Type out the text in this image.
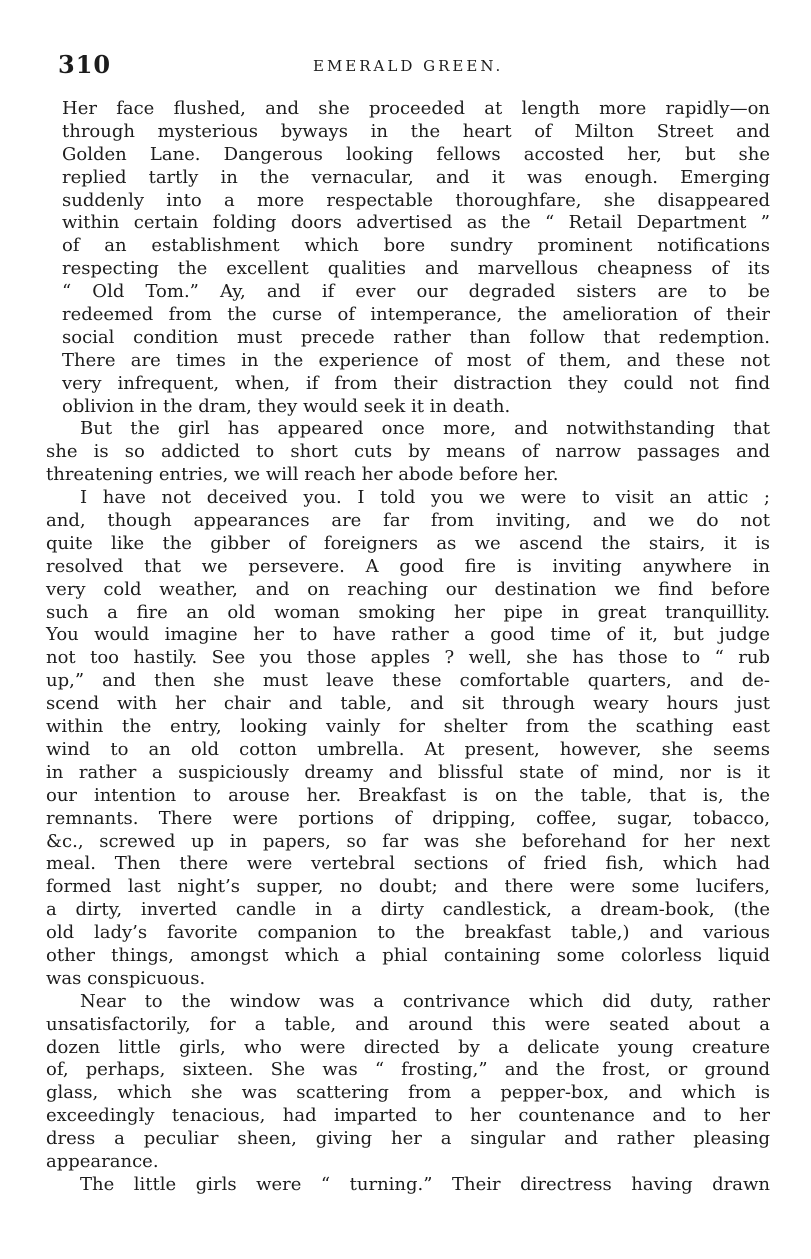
310	EMERALD GREEN.
Her face flushed, and she proceeded at length more rapidly—on
through mysterious byways in the heart of Milton Street and
Golden Lane. Dangerous looking fellows accosted her, but she
replied tartly in the vernacular, and it was enough. Emerging
suddenly into a more respectable thoroughfare, she disappeared
within certain folding doors advertised as the “ Retail Department ”
of an establishment which bore sundry prominent notifications
respecting the excellent qualities and marvellous cheapness of its
“ Old Tom.” Ay, and if ever our degraded sisters are to be
redeemed from the curse of intemperance, the amelioration of their
social condition must precede rather than follow that redemption.
There are times in the experience of most of them, and these not
very infrequent, when, if from their distraction they could not find
oblivion in the dram, they would seek it in death.
But the girl has appeared once more, and notwithstanding that
she is so addicted to short cuts by means of narrow passages and
threatening entries, we will reach her abode before her.
I have not deceived you. I told you we were to visit an attic ;
and, though appearances are far from inviting, and we do not
quite like the gibber of foreigners as we ascend the stairs, it is
resolved that we persevere. A good fire is inviting anywhere in
very cold weather, and on reaching our destination we find before
such a fire an old woman smoking her pipe in great tranquillity.
You would imagine her to have rather a good time of it, but judge
not too hastily. See you those apples ? well, she has those to “ rub
up,” and then she must leave these comfortable quarters, and de-
scend with her chair and table, and sit through weary hours just
within the entry, looking vainly for shelter from the scathing east
wind to an old cotton umbrella. At present, however, she seems
in rather a suspiciously dreamy and blissful state of mind, nor is it
our intention to arouse her. Breakfast is on the table, that is, the
remnants. There were portions of dripping, coffee, sugar, tobacco,
&c., screwed up in papers, so far was she beforehand for her next
meal. Then there were vertebral sections of fried fish, which had
formed last night’s supper, no doubt; and there were some lucifers,
a dirty, inverted candle in a dirty candlestick, a dream-book, (the
old lady’s favorite companion to the breakfast table,) and various
other things, amongst which a phial containing some colorless liquid
was conspicuous.
Near to the window was a contrivance which did duty, rather
unsatisfactorily, for a table, and around this were seated about a
dozen little girls, who were directed by a delicate young creature
of, perhaps, sixteen. She was “ frosting,” and the frost, or ground
glass, which she was scattering from a pepper-box, and which is
exceedingly tenacious, had imparted to her countenance and to her
dress a peculiar sheen, giving her a singular and rather pleasing
appearance.
The little girls were “ turning.” Their directress having drawn
